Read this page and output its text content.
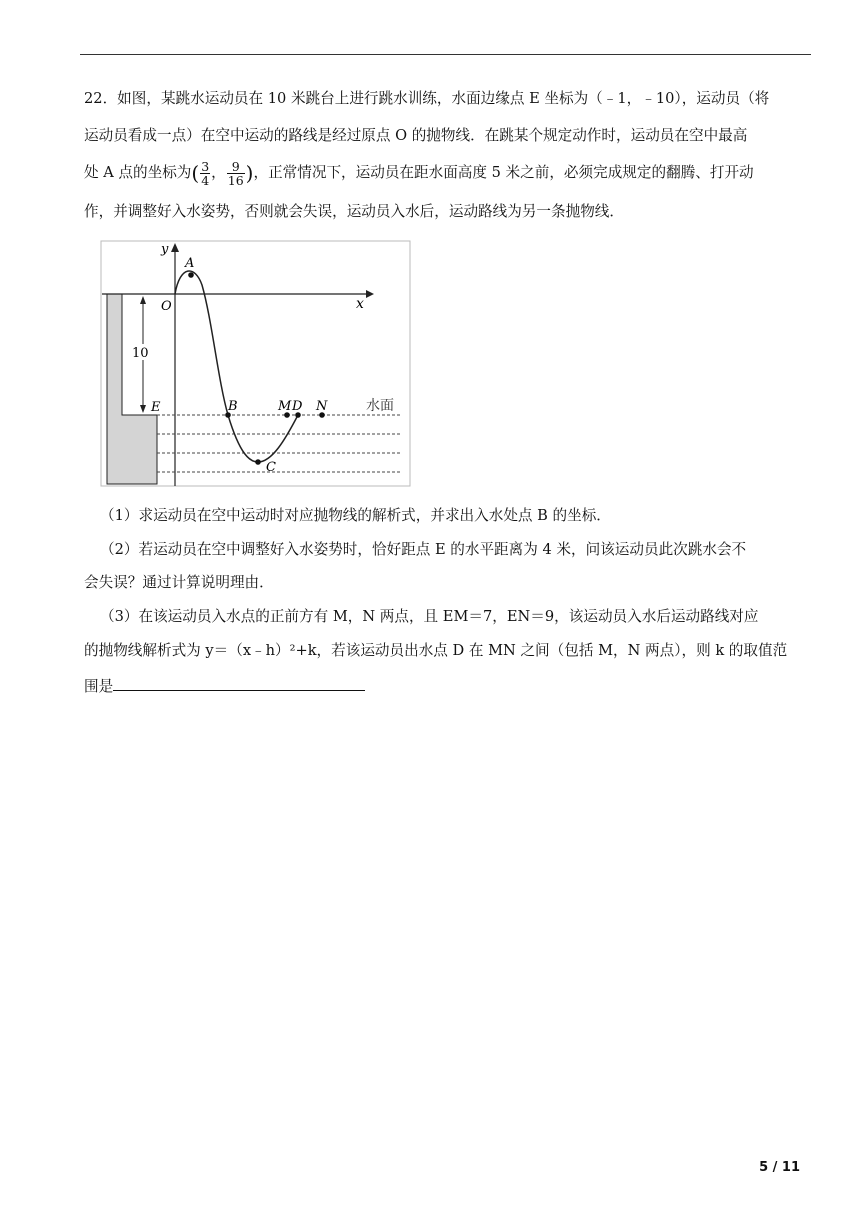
22．如图，某跳水运动员在 10 米跳台上进行跳水训练，水面边缘点 E 坐标为（﹣1，﹣10），运动员（将
运动员看成一点）在空中运动的路线是经过原点 O 的抛物线．在跳某个规定动作时，运动员在空中最高
处 A 点的坐标为( $\frac{3}{4}$ ， $\frac{9}{16}$ )，正常情况下，运动员在距水面高度 5 米之前，必须完成规定的翻腾、打开动
作，并调整好入水姿势，否则就会失误，运动员入水后，运动路线为另一条抛物线．
y
x
O
A
B
C
M D N
E
10
水面
（1）求运动员在空中运动时对应抛物线的解析式，并求出入水处点 B 的坐标．
（2）若运动员在空中调整好入水姿势时，恰好距点 E 的水平距离为 4 米，问该运动员此次跳水会不
会失误？通过计算说明理由．
（3）在该运动员入水点的正前方有 M，N 两点，且 EM＝7，EN＝9，该运动员入水后运动路线对应
的抛物线解析式为 y＝（x﹣h）²+k，若该运动员出水点 D 在 MN 之间（包括 M，N 两点），则 k 的取值范
围是
5 / 11
